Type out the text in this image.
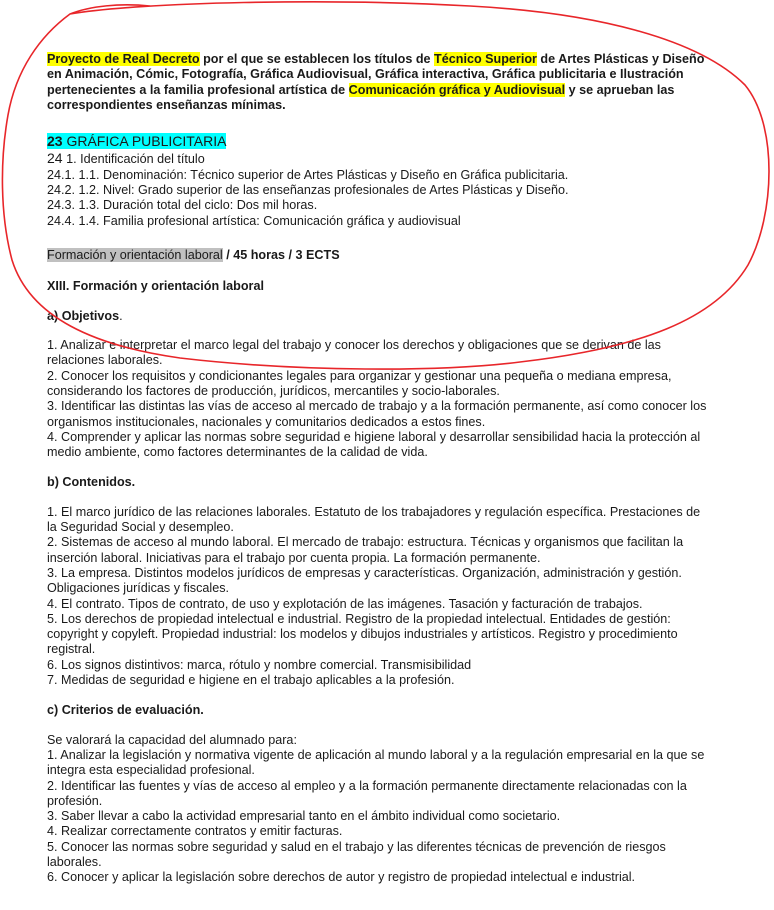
Proyecto de Real Decreto por el que se establecen los títulos de Técnico Superior de Artes Plásticas y Diseño en Animación, Cómic, Fotografía, Gráfica Audiovisual, Gráfica interactiva, Gráfica publicitaria e Ilustración pertenecientes a la familia profesional artística de Comunicación gráfica y Audiovisual y se aprueban las correspondientes enseñanzas mínimas.

23 GRÁFICA PUBLICITARIA
24 1. Identificación del título
24.1. 1.1. Denominación: Técnico superior de Artes Plásticas y Diseño en Gráfica publicitaria.
24.2. 1.2. Nivel: Grado superior de las enseñanzas profesionales de Artes Plásticas y Diseño.
24.3. 1.3. Duración total del ciclo: Dos mil horas.
24.4. 1.4. Familia profesional artística: Comunicación gráfica y audiovisual
Formación y orientación laboral / 45 horas / 3 ECTS
XIII. Formación y orientación laboral
a) Objetivos.
1. Analizar e interpretar el marco legal del trabajo y conocer los derechos y obligaciones que se derivan de las relaciones laborales.
2. Conocer los requisitos y condicionantes legales para organizar y gestionar una pequeña o mediana empresa, considerando los factores de producción, jurídicos, mercantiles y socio-laborales.
3. Identificar las distintas las vías de acceso al mercado de trabajo y a la formación permanente, así como conocer los organismos institucionales, nacionales y comunitarios dedicados a estos fines.
4. Comprender y aplicar las normas sobre seguridad e higiene laboral y desarrollar sensibilidad hacia la protección al medio ambiente, como factores determinantes de la calidad de vida.
b) Contenidos.
1. El marco jurídico de las relaciones laborales. Estatuto de los trabajadores y regulación específica. Prestaciones de la Seguridad Social y desempleo.
2. Sistemas de acceso al mundo laboral. El mercado de trabajo: estructura. Técnicas y organismos que facilitan la inserción laboral. Iniciativas para el trabajo por cuenta propia. La formación permanente.
3. La empresa. Distintos modelos jurídicos de empresas y características. Organización, administración y gestión. Obligaciones jurídicas y fiscales.
4. El contrato. Tipos de contrato, de uso y explotación de las imágenes. Tasación y facturación de trabajos.
5. Los derechos de propiedad intelectual e industrial. Registro de la propiedad intelectual. Entidades de gestión: copyright y copyleft. Propiedad industrial: los modelos y dibujos industriales y artísticos. Registro y procedimiento registral.
6. Los signos distintivos: marca, rótulo y nombre comercial. Transmisibilidad
7. Medidas de seguridad e higiene en el trabajo aplicables a la profesión.
c) Criterios de evaluación.
Se valorará la capacidad del alumnado para:
1. Analizar la legislación y normativa vigente de aplicación al mundo laboral y a la regulación empresarial en la que se integra esta especialidad profesional.
2. Identificar las fuentes y vías de acceso al empleo y a la formación permanente directamente relacionadas con la profesión.
3. Saber llevar a cabo la actividad empresarial tanto en el ámbito individual como societario.
4. Realizar correctamente contratos y emitir facturas.
5. Conocer las normas sobre seguridad y salud en el trabajo y las diferentes técnicas de prevención de riesgos laborales.
6. Conocer y aplicar la legislación sobre derechos de autor y registro de propiedad intelectual e industrial.
